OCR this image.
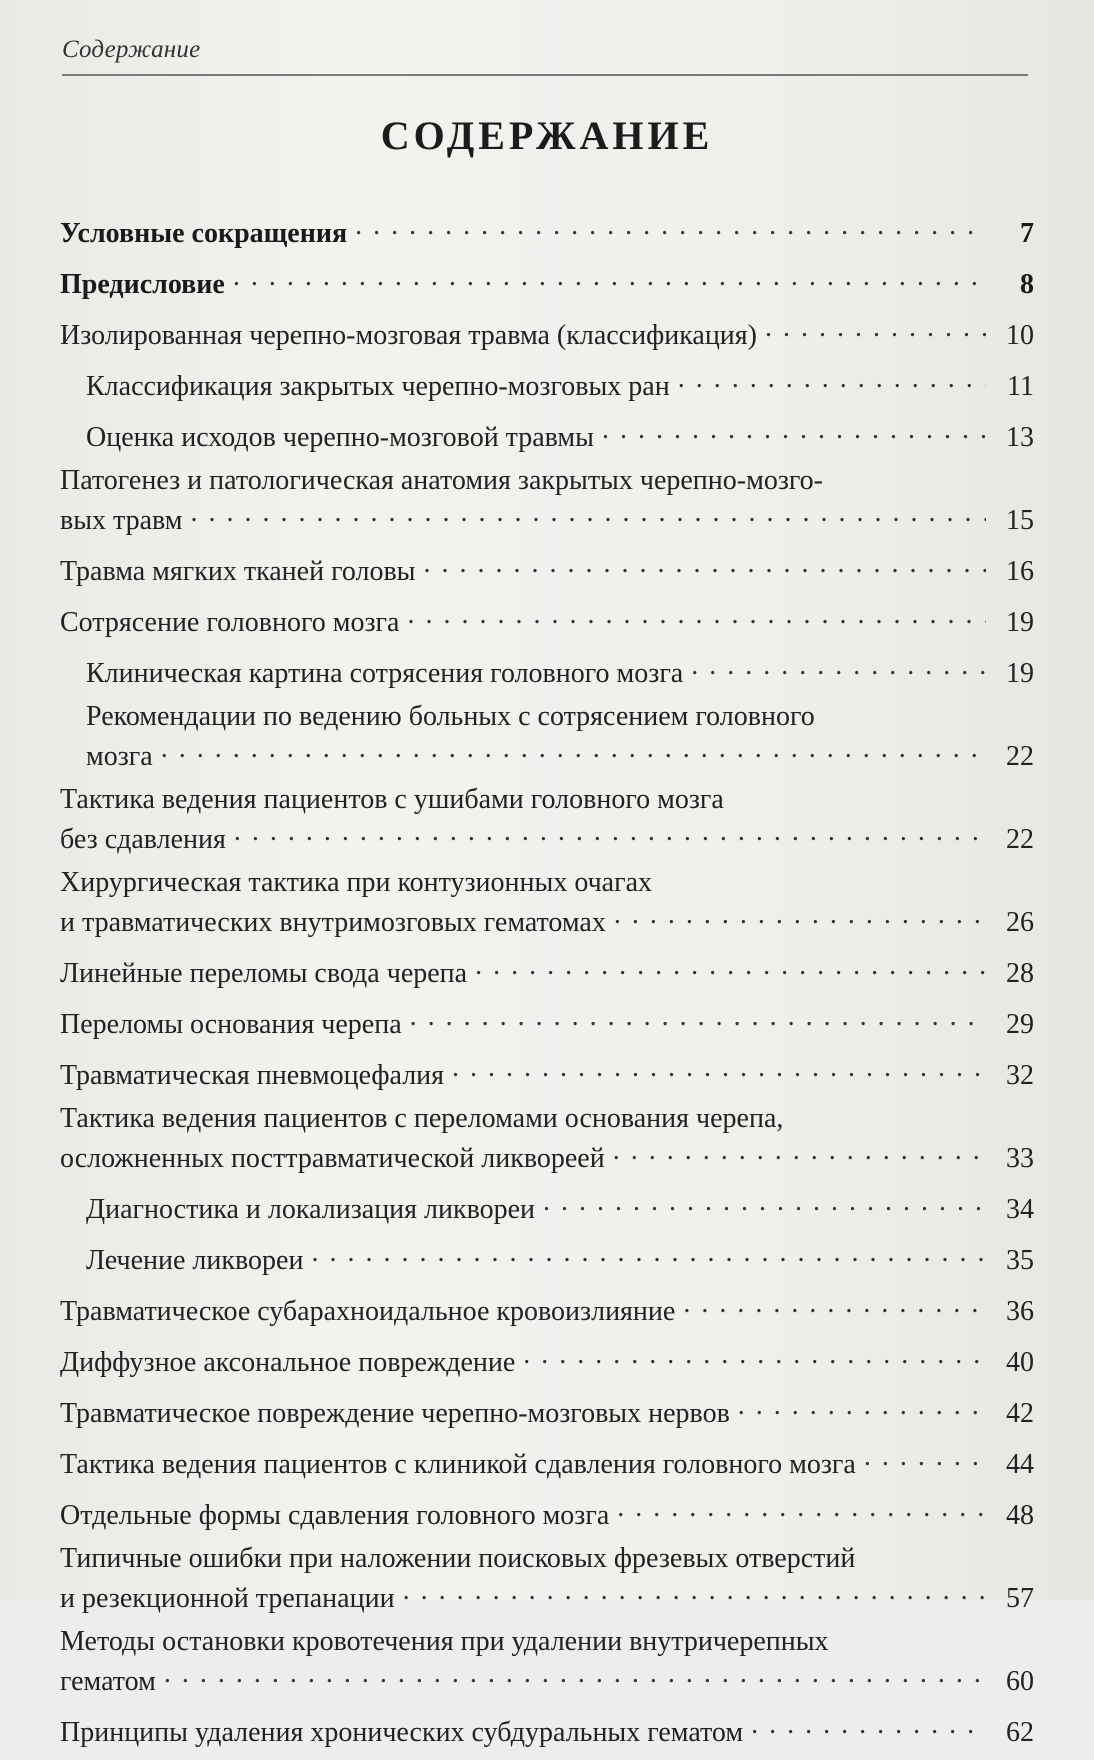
Содержание
СОДЕРЖАНИЕ
Условные сокращения . . .	7
Предисловие . . .	8
Изолированная черепно-мозговая травма (классификация) . . .	10
Классификация закрытых черепно-мозговых ран . . .	11
Оценка исходов черепно-мозговой травмы . . .	13
Патогенез и патологическая анатомия закрытых черепно-мозго-
вых травм . . .	15
Травма мягких тканей головы . . .	16
Сотрясение головного мозга . . .	19
Клиническая картина сотрясения головного мозга . . .	19
Рекомендации по ведению больных с сотрясением головного
мозга . . .	22
Тактика ведения пациентов с ушибами головного мозга
без сдавления . . .	22
Хирургическая тактика при контузионных очагах
и травматических внутримозговых гематомах . . .	26
Линейные переломы свода черепа . . .	28
Переломы основания черепа . . .	29
Травматическая пневмоцефалия . . .	32
Тактика ведения пациентов с переломами основания черепа,
осложненных посттравматической ликвореей . . .	33
Диагностика и локализация ликвореи . . .	34
Лечение ликвореи . . .	35
Травматическое субарахноидальное кровоизлияние . . .	36
Диффузное аксональное повреждение . . .	40
Травматическое повреждение черепно-мозговых нервов . . .	42
Тактика ведения пациентов с клиникой сдавления головного мозга . . .	44
Отдельные формы сдавления головного мозга . . .	48
Типичные ошибки при наложении поисковых фрезевых отверстий
и резекционной трепанации . . .	57
Методы остановки кровотечения при удалении внутричерепных
гематом . . .	60
Принципы удаления хронических субдуральных гематом . . .	62
